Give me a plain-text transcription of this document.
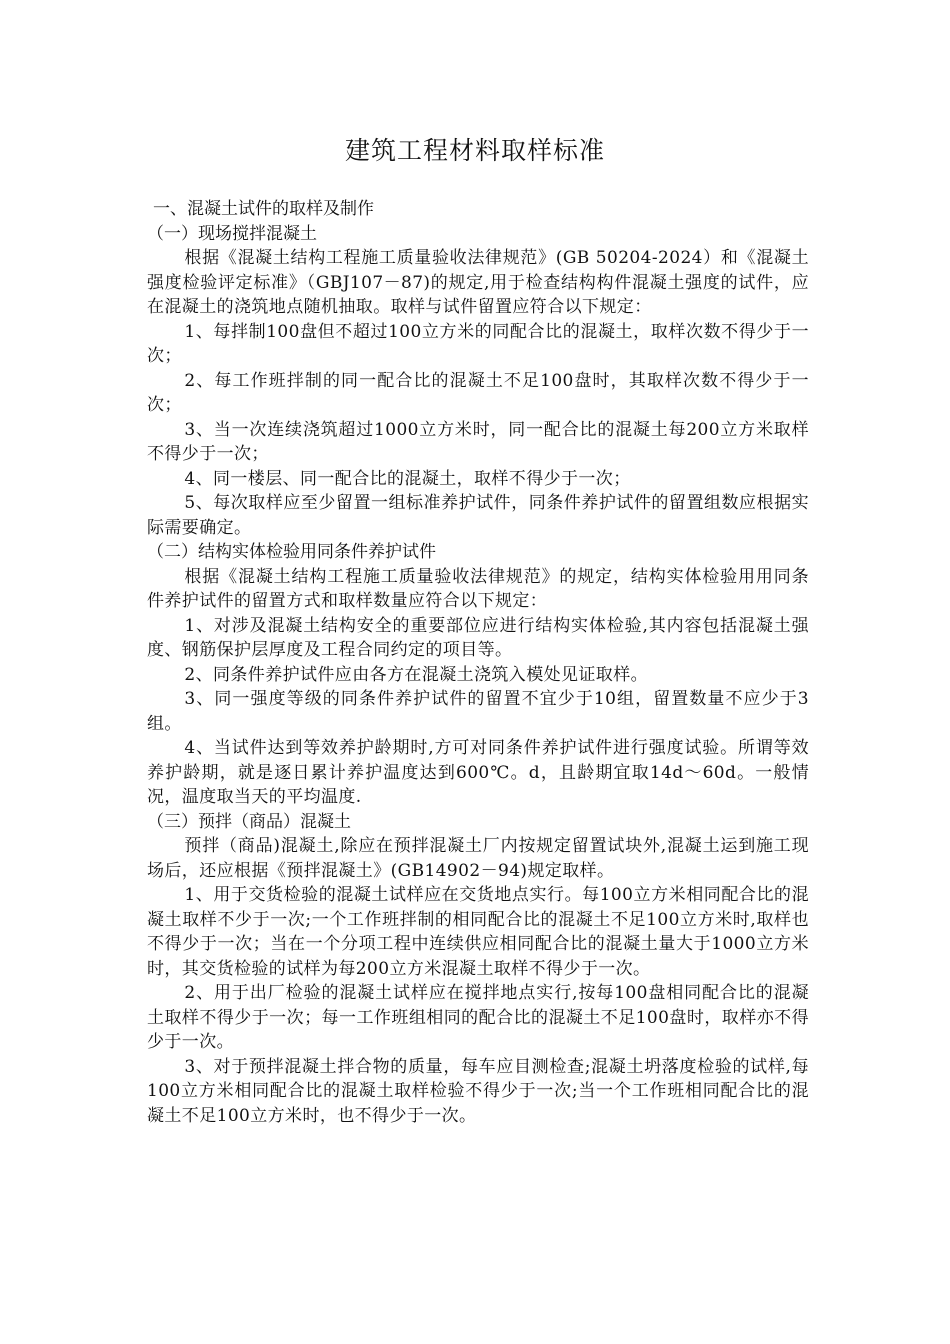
建筑工程材料取样标准

一、混凝土试件的取样及制作

（一）现场搅拌混凝土

根据《混凝土结构工程施工质量验收法律规范》(GB 50204-2024）和《混凝土强度检验评定标准》（GBJ107－87)的规定,用于检查结构构件混凝土强度的试件，应在混凝土的浇筑地点随机抽取。取样与试件留置应符合以下规定：

1、每拌制100盘但不超过100立方米的同配合比的混凝土，取样次数不得少于一次；

2、每工作班拌制的同一配合比的混凝土不足100盘时，其取样次数不得少于一次；

3、当一次连续浇筑超过1000立方米时，同一配合比的混凝土每200立方米取样不得少于一次；

4、同一楼层、同一配合比的混凝土，取样不得少于一次；

5、每次取样应至少留置一组标准养护试件，同条件养护试件的留置组数应根据实际需要确定。

（二）结构实体检验用同条件养护试件

根据《混凝土结构工程施工质量验收法律规范》的规定，结构实体检验用用同条件养护试件的留置方式和取样数量应符合以下规定：

1、对涉及混凝土结构安全的重要部位应进行结构实体检验,其内容包括混凝土强度、钢筋保护层厚度及工程合同约定的项目等。

2、同条件养护试件应由各方在混凝土浇筑入模处见证取样。

3、同一强度等级的同条件养护试件的留置不宜少于10组，留置数量不应少于3组。

4、当试件达到等效养护龄期时,方可对同条件养护试件进行强度试验。所谓等效养护龄期，就是逐日累计养护温度达到600℃。d，且龄期宜取14d～60d。一般情况，温度取当天的平均温度.

（三）预拌（商品）混凝土

预拌（商品)混凝土,除应在预拌混凝土厂内按规定留置试块外,混凝土运到施工现场后，还应根据《预拌混凝土》(GB14902－94)规定取样。

1、用于交货检验的混凝土试样应在交货地点实行。每100立方米相同配合比的混凝土取样不少于一次;一个工作班拌制的相同配合比的混凝土不足100立方米时,取样也不得少于一次；当在一个分项工程中连续供应相同配合比的混凝土量大于1000立方米时，其交货检验的试样为每200立方米混凝土取样不得少于一次。

2、用于出厂检验的混凝土试样应在搅拌地点实行,按每100盘相同配合比的混凝土取样不得少于一次；每一工作班组相同的配合比的混凝土不足100盘时，取样亦不得少于一次。

3、对于预拌混凝土拌合物的质量，每车应目测检查;混凝土坍落度检验的试样,每100立方米相同配合比的混凝土取样检验不得少于一次;当一个工作班相同配合比的混凝土不足100立方米时，也不得少于一次。
